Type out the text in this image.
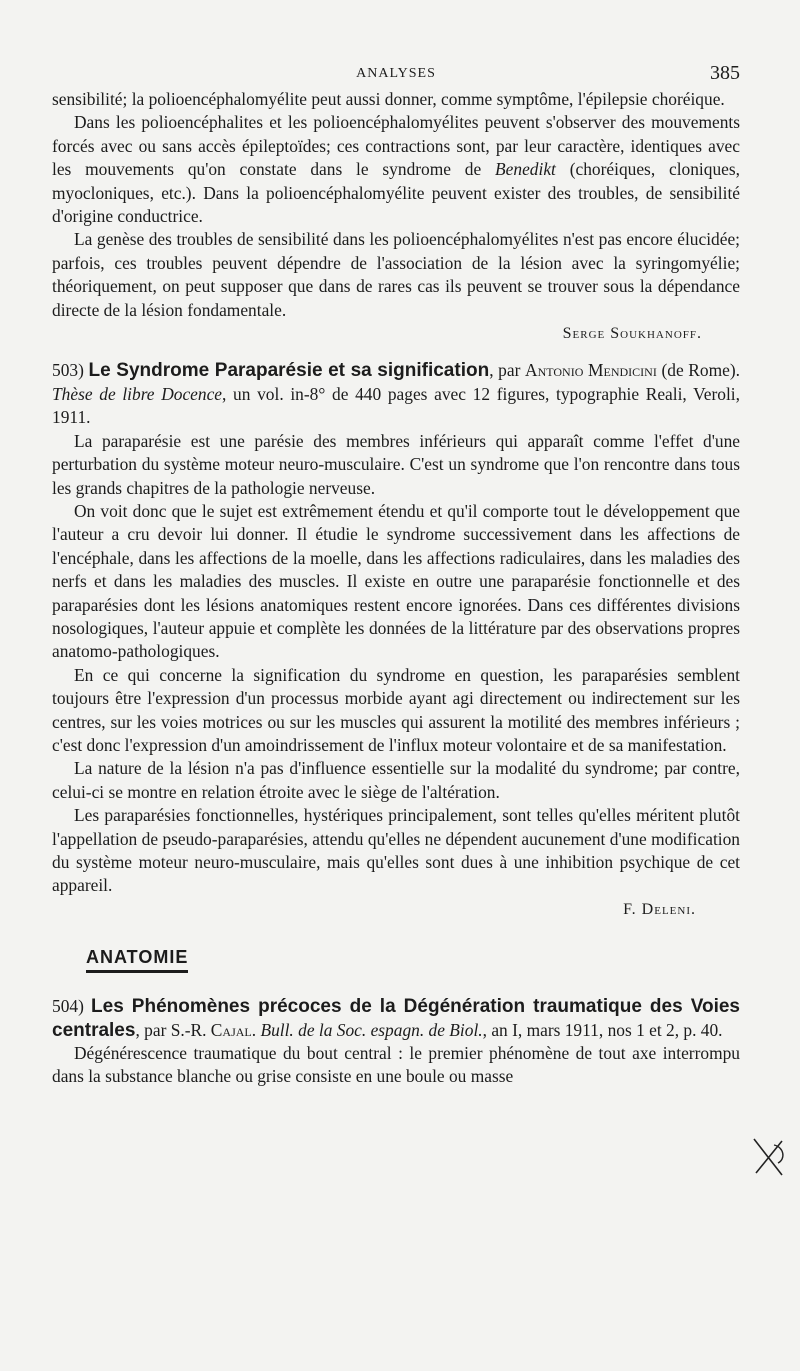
ANALYSES	385

sensibilité; la polioencéphalomyélite peut aussi donner, comme symptôme, l'épilepsie choréique.

Dans les polioencéphalites et les polioencéphalomyélites peuvent s'observer des mouvements forcés avec ou sans accès épileptoïdes; ces contractions sont, par leur caractère, identiques avec les mouvements qu'on constate dans le syndrome de Benedikt (choréiques, cloniques, myocloniques, etc.). Dans la polioencéphalomyélite peuvent exister des troubles, de sensibilité d'origine conductrice.

La genèse des troubles de sensibilité dans les polioencéphalomyélites n'est pas encore élucidée; parfois, ces troubles peuvent dépendre de l'association de la lésion avec la syringomyélie; théoriquement, on peut supposer que dans de rares cas ils peuvent se trouver sous la dépendance directe de la lésion fondamentale.

Serge Soukhanoff.

503) Le Syndrome Paraparésie et sa signification, par Antonio Mendicini (de Rome). Thèse de libre Docence, un vol. in-8° de 440 pages avec 12 figures, typographie Reali, Veroli, 1911.

La paraparésie est une parésie des membres inférieurs qui apparaît comme l'effet d'une perturbation du système moteur neuro-musculaire. C'est un syndrome que l'on rencontre dans tous les grands chapitres de la pathologie nerveuse.

On voit donc que le sujet est extrêmement étendu et qu'il comporte tout le développement que l'auteur a cru devoir lui donner. Il étudie le syndrome successivement dans les affections de l'encéphale, dans les affections de la moelle, dans les affections radiculaires, dans les maladies des nerfs et dans les maladies des muscles. Il existe en outre une paraparésie fonctionnelle et des paraparésies dont les lésions anatomiques restent encore ignorées. Dans ces différentes divisions nosologiques, l'auteur appuie et complète les données de la littérature par des observations propres anatomo-pathologiques.

En ce qui concerne la signification du syndrome en question, les paraparésies semblent toujours être l'expression d'un processus morbide ayant agi directement ou indirectement sur les centres, sur les voies motrices ou sur les muscles qui assurent la motilité des membres inférieurs ; c'est donc l'expression d'un amoindrissement de l'influx moteur volontaire et de sa manifestation.

La nature de la lésion n'a pas d'influence essentielle sur la modalité du syndrome; par contre, celui-ci se montre en relation étroite avec le siège de l'altération.

Les paraparésies fonctionnelles, hystériques principalement, sont telles qu'elles méritent plutôt l'appellation de pseudo-paraparésies, attendu qu'elles ne dépendent aucunement d'une modification du système moteur neuro-musculaire, mais qu'elles sont dues à une inhibition psychique de cet appareil.

F. Deleni.

ANATOMIE

504) Les Phénomènes précoces de la Dégénération traumatique des Voies centrales, par S.-R. Cajal. Bull. de la Soc. espagn. de Biol., an I, mars 1911, nos 1 et 2, p. 40.

Dégénérescence traumatique du bout central : le premier phénomène de tout axe interrompu dans la substance blanche ou grise consiste en une boule ou masse
